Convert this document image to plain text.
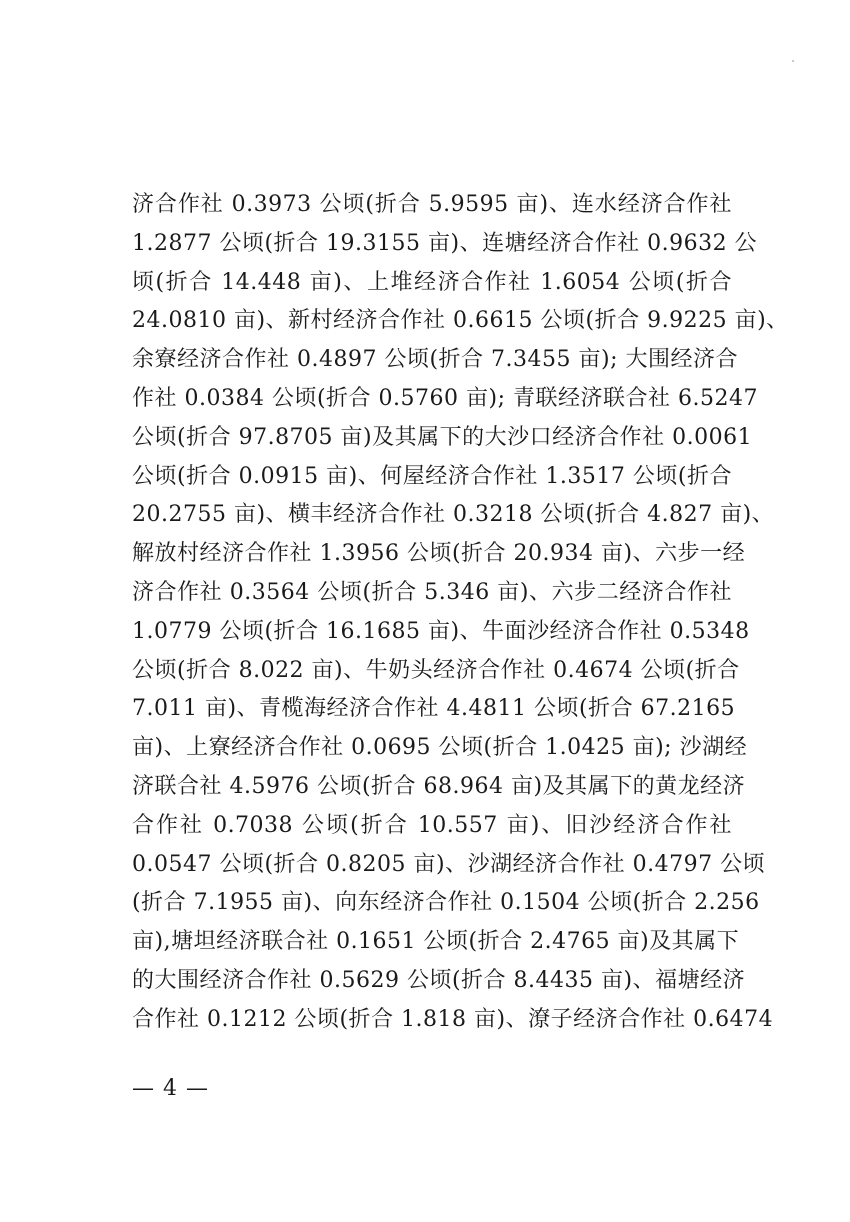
济合作社 0.3973 公顷(折合 5.9595 亩)、连水经济合作社
1.2877 公顷(折合 19.3155 亩)、连塘经济合作社 0.9632 公
顷(折合 14.448 亩)、上堆经济合作社 1.6054 公顷(折合
24.0810 亩)、新村经济合作社 0.6615 公顷(折合 9.9225 亩)、
余寮经济合作社 0.4897 公顷(折合 7.3455 亩); 大围经济合
作社 0.0384 公顷(折合 0.5760 亩); 青联经济联合社 6.5247
公顷(折合 97.8705 亩)及其属下的大沙口经济合作社 0.0061
公顷(折合 0.0915 亩)、何屋经济合作社 1.3517 公顷(折合
20.2755 亩)、横丰经济合作社 0.3218 公顷(折合 4.827 亩)、
解放村经济合作社 1.3956 公顷(折合 20.934 亩)、六步一经
济合作社 0.3564 公顷(折合 5.346 亩)、六步二经济合作社
1.0779 公顷(折合 16.1685 亩)、牛面沙经济合作社 0.5348
公顷(折合 8.022 亩)、牛奶头经济合作社 0.4674 公顷(折合
7.011 亩)、青榄海经济合作社 4.4811 公顷(折合 67.2165
亩)、上寮经济合作社 0.0695 公顷(折合 1.0425 亩); 沙湖经
济联合社 4.5976 公顷(折合 68.964 亩)及其属下的黄龙经济
合作社 0.7038 公顷(折合 10.557 亩)、旧沙经济合作社
0.0547 公顷(折合 0.8205 亩)、沙湖经济合作社 0.4797 公顷
(折合 7.1955 亩)、向东经济合作社 0.1504 公顷(折合 2.256
亩),塘坦经济联合社 0.1651 公顷(折合 2.4765 亩)及其属下
的大围经济合作社 0.5629 公顷(折合 8.4435 亩)、福塘经济
合作社 0.1212 公顷(折合 1.818 亩)、潦子经济合作社 0.6474
— 4 —
